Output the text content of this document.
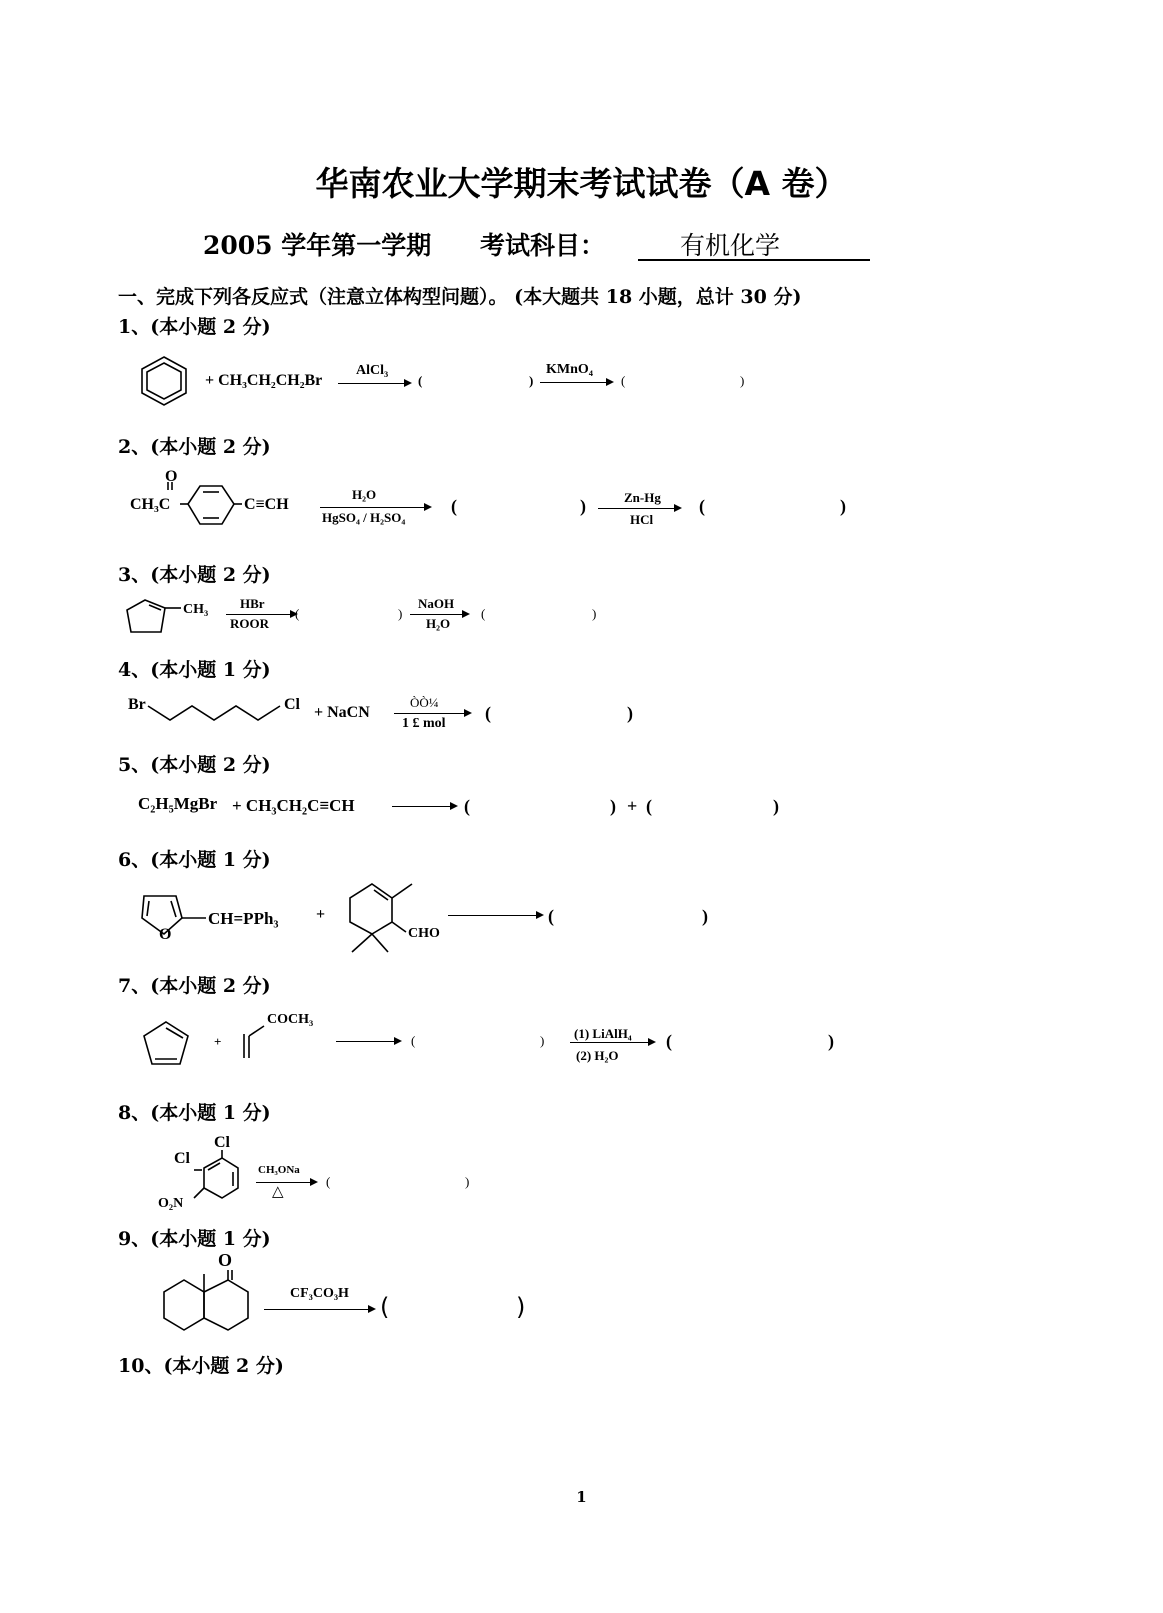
华南农业大学期末考试试卷（A 卷）
2005 学年第一学期 考试科目：	有机化学
一、完成下列各反应式（注意立体构型问题）。 (本大题共 18 小题，总计 30 分)
1、(本小题 2 分)
+ CH₃CH₂CH₂Br
AlCl₃
(	)
KMnO₄
(	)
2、(本小题 2 分)
O
CH₃C	C≡CH
H₂O
HgSO₄ / H₂SO₄
(	)	Zn-Hg
HCl
(	)
3、(本小题 2 分)
CH₃ HBr
ROOR
(	)
NaOH
H₂O
(	)
4、(本小题 1 分)
Br	Cl + NaCN
ÒÒ¼
1 £ mol
(	)
5、(本小题 2 分)
C₂H₅MgBr + CH₃CH₂C≡CH	(	) + (	)
6、(本小题 1 分)
O
CH=PPh₃ +
CHO
(	)
7、(本小题 2 分)
+
COCH₃
(	) (1) LiAlH₄
(2) H₂O
(	)
8、(本小题 1 分)
Cl
Cl
O₂N
CH₃ONa
△
(	)
9、(本小题 1 分)
O
CF₃CO₃H (	)
10、(本小题 2 分)
1
